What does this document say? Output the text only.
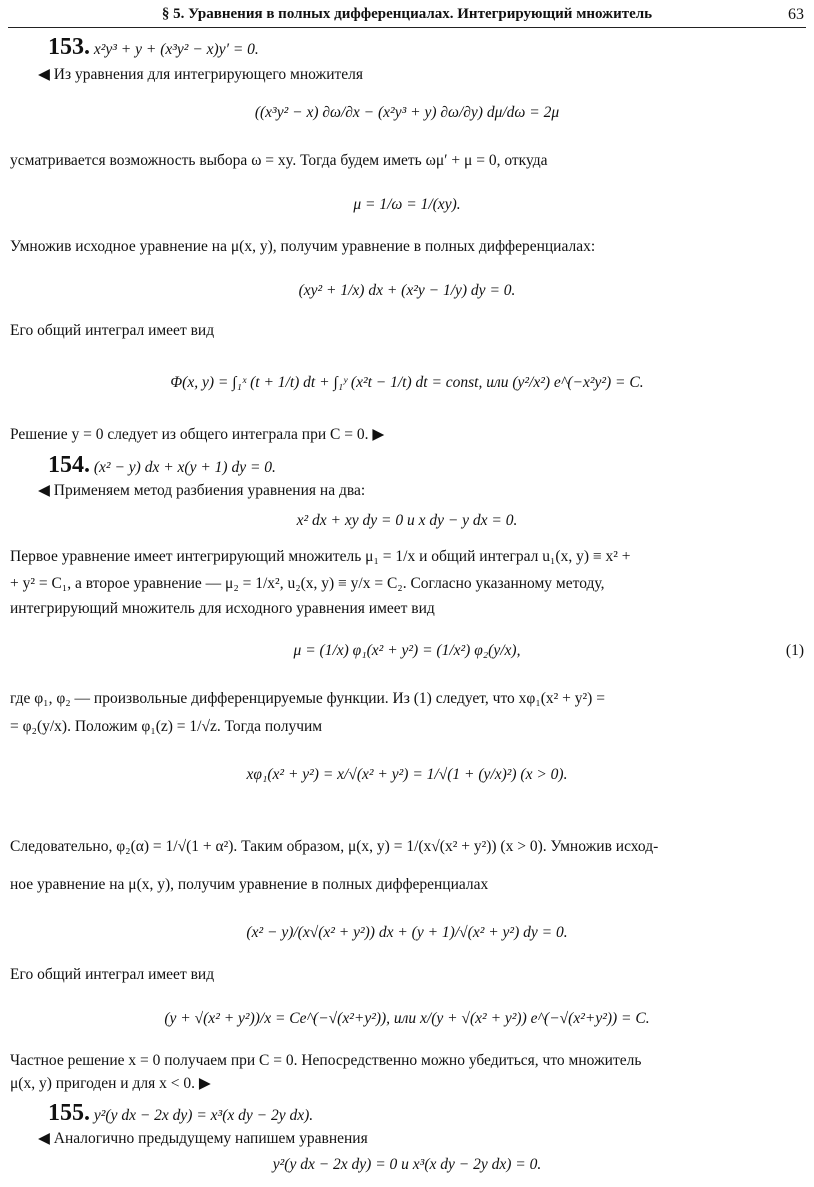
§ 5. Уравнения в полных дифференциалах. Интегрирующий множитель	63
153. x²y³ + y + (x³y² − x)y′ = 0.
◀ Из уравнения для интегрирующего множителя
((x³y² − x) ∂ω/∂x − (x²y³ + y) ∂ω/∂y) dμ/dω = 2μ
усматривается возможность выбора ω = xy. Тогда будем иметь ωμ′ + μ = 0, откуда
μ = 1/ω = 1/(xy).
Умножив исходное уравнение на μ(x, y), получим уравнение в полных дифференциалах:
(xy² + 1/x) dx + (x²y − 1/y) dy = 0.
Его общий интеграл имеет вид
Φ(x, y) = ∫₁ˣ (t + 1/t) dt + ∫₁ʸ (x²t − 1/t) dt = const, или (y²/x²) e^(−x²y²) = C.
Решение y = 0 следует из общего интеграла при C = 0. ▶
154. (x² − y) dx + x(y + 1) dy = 0.
◀ Применяем метод разбиения уравнения на два:
x² dx + xy dy = 0 и x dy − y dx = 0.
Первое уравнение имеет интегрирующий множитель μ₁ = 1/x и общий интеграл u₁(x, y) ≡ x² +
+ y² = C₁, а второе уравнение — μ₂ = 1/x², u₂(x, y) ≡ y/x = C₂. Согласно указанному методу,
интегрирующий множитель для исходного уравнения имеет вид
μ = (1/x) φ₁(x² + y²) = (1/x²) φ₂(y/x),	(1)
где φ₁, φ₂ — произвольные дифференцируемые функции. Из (1) следует, что xφ₁(x² + y²) =
= φ₂(y/x). Положим φ₁(z) = 1/√z. Тогда получим
xφ₁(x² + y²) = x/√(x² + y²) = 1/√(1 + (y/x)²) (x > 0).
Следовательно, φ₂(α) = 1/√(1 + α²). Таким образом, μ(x, y) = 1/(x√(x² + y²)) (x > 0). Умножив исход-
ное уравнение на μ(x, y), получим уравнение в полных дифференциалах
(x² − y)/(x√(x² + y²)) dx + (y + 1)/√(x² + y²) dy = 0.
Его общий интеграл имеет вид
(y + √(x² + y²))/x = Ce^(−√(x²+y²)), или x/(y + √(x² + y²)) e^(−√(x²+y²)) = C.
Частное решение x = 0 получаем при C = 0. Непосредственно можно убедиться, что множитель
μ(x, y) пригоден и для x < 0. ▶
155. y²(y dx − 2x dy) = x³(x dy − 2y dx).
◀ Аналогично предыдущему напишем уравнения
y²(y dx − 2x dy) = 0 и x³(x dy − 2y dx) = 0.
